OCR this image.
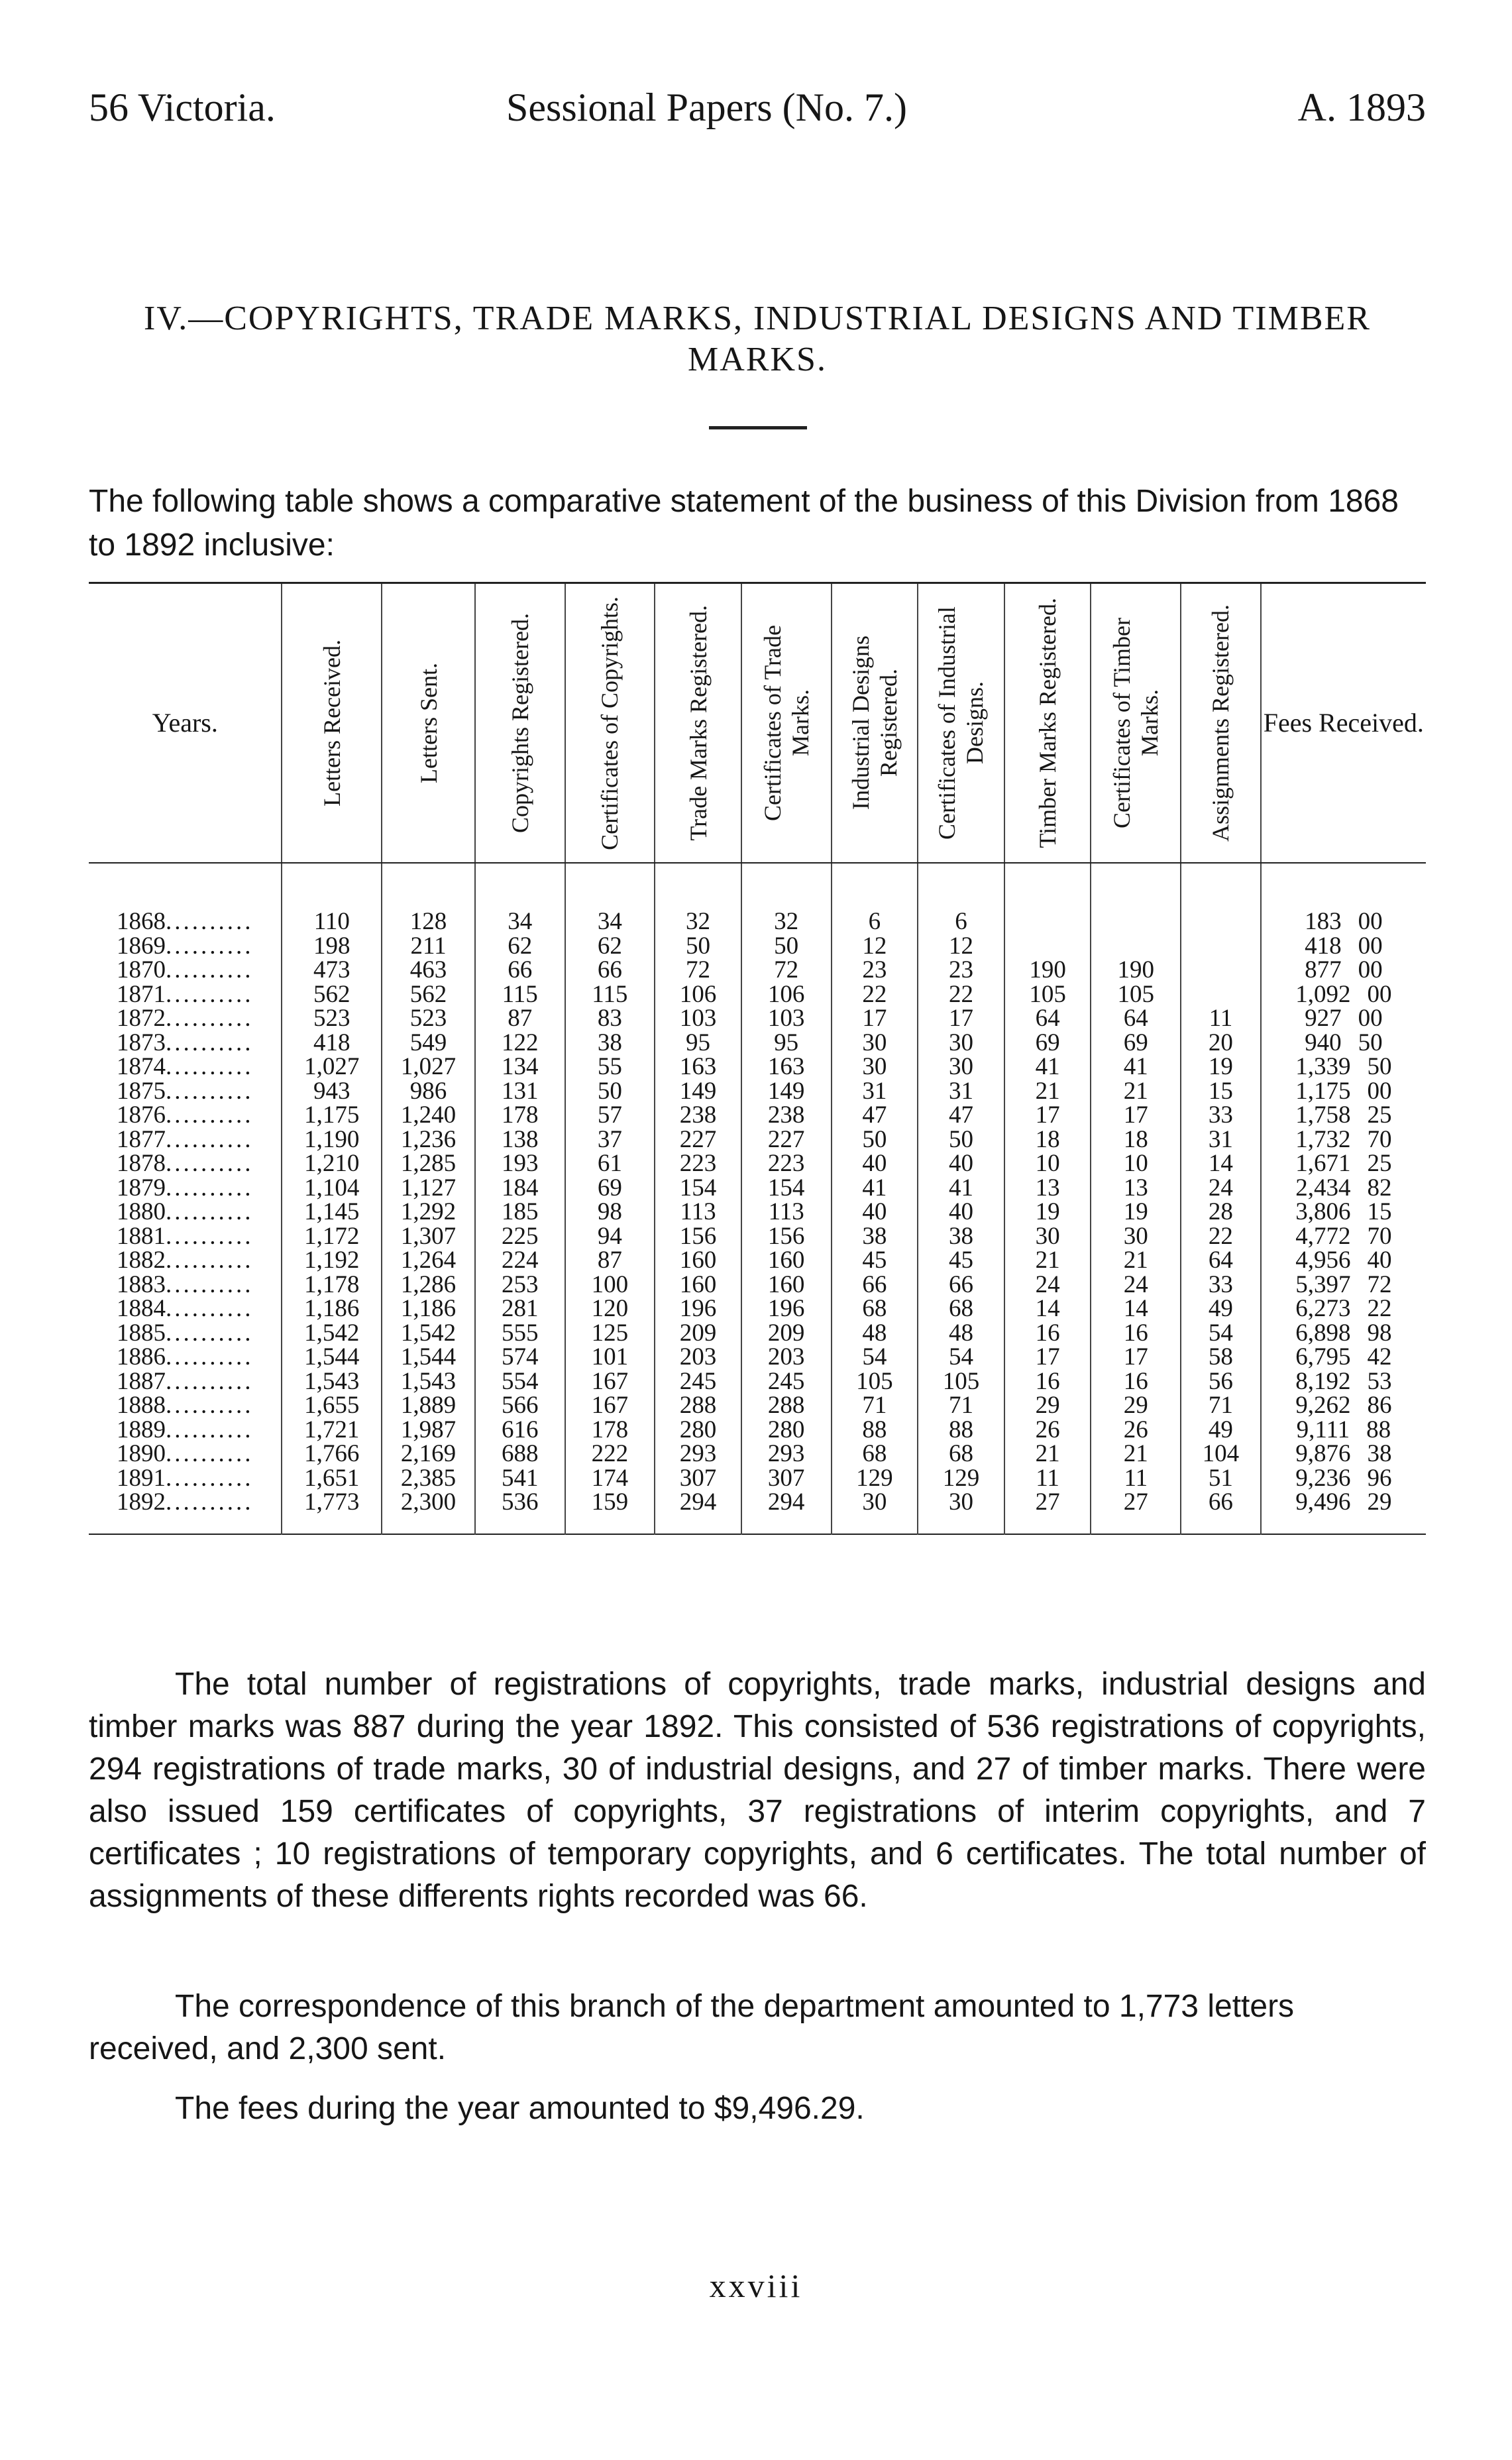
56 Victoria.	Sessional Papers (No. 7.)	A. 1893
IV.—COPYRIGHTS, TRADE MARKS, INDUSTRIAL DESIGNS AND TIMBER MARKS.
The following table shows a comparative statement of the business of this Division from 1868 to 1892 inclusive:
Years.	Letters Received.	Letters Sent.	Copyrights Registered.	Certificates of Copyrights.	Trade Marks Registered.	Certificates of Trade Marks.	Industrial Designs Registered.	Certificates of Industrial Designs.	Timber Marks Registered.	Certificates of Timber Marks.	Assignments Registered.	Fees Received.
1868 .....	110	128	34	34	32	32	6	6				183 00
1869 .....	198	211	62	62	50	50	12	12				418 00
1870 .....	473	463	66	66	72	72	23	23	190	190		877 00
1871 .....	562	562	115	115	106	106	22	22	105	105		1,092 00
1872 .....	523	523	87	83	103	103	17	17	64	64	11	927 00
1873 .....	418	549	122	38	95	95	30	30	69	69	20	940 50
1874 .....	1,027	1,027	134	55	163	163	30	30	41	41	19	1,339 50
1875 .....	943	986	131	50	149	149	31	31	21	21	15	1,175 00
1876 .....	1,175	1,240	178	57	238	238	47	47	17	17	33	1,758 25
1877 .....	1,190	1,236	138	37	227	227	50	50	18	18	31	1,732 70
1878 .....	1,210	1,285	193	61	223	223	40	40	10	10	14	1,671 25
1879 .....	1,104	1,127	184	69	154	154	41	41	13	13	24	2,434 82
1880 .....	1,145	1,292	185	98	113	113	40	40	19	19	28	3,806 15
1881 .....	1,172	1,307	225	94	156	156	38	38	30	30	22	4,772 70
1882 .....	1,192	1,264	224	87	160	160	45	45	21	21	64	4,956 40
1883 .....	1,178	1,286	253	100	160	160	66	66	24	24	33	5,397 72
1884 .....	1,186	1,186	281	120	196	196	68	68	14	14	49	6,273 22
1885 .....	1,542	1,542	555	125	209	209	48	48	16	16	54	6,898 98
1886 .....	1,544	1,544	574	101	203	203	54	54	17	17	58	6,795 42
1887 .....	1,543	1,543	554	167	245	245	105	105	16	16	56	8,192 53
1888 .....	1,655	1,889	566	167	288	288	71	71	29	29	71	9,262 86
1889 .....	1,721	1,987	616	178	280	280	88	88	26	26	49	9,111 88
1890 .....	1,766	2,169	688	222	293	293	68	68	21	21	104	9,876 38
1891 .....	1,651	2,385	541	174	307	307	129	129	11	11	51	9,236 96
1892 .....	1,773	2,300	536	159	294	294	30	30	27	27	66	9,496 29
The total number of registrations of copyrights, trade marks, industrial designs and timber marks was 887 during the year 1892. This consisted of 536 registrations of copyrights, 294 registrations of trade marks, 30 of industrial designs, and 27 of timber marks. There were also issued 159 certificates of copyrights, 37 registrations of interim copyrights, and 7 certificates ; 10 registrations of temporary copyrights, and 6 certificates. The total number of assignments of these differents rights recorded was 66.
The correspondence of this branch of the department amounted to 1,773 letters received, and 2,300 sent.
The fees during the year amounted to $9,496.29.
xxviii
